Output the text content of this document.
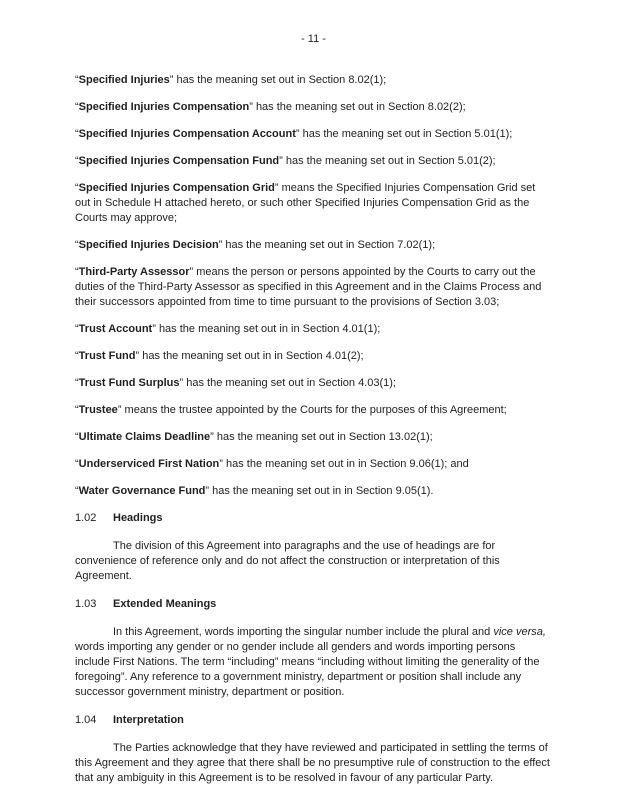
- 11 -

“Specified Injuries” has the meaning set out in Section 8.02(1);

“Specified Injuries Compensation” has the meaning set out in Section 8.02(2);

“Specified Injuries Compensation Account” has the meaning set out in Section 5.01(1);

“Specified Injuries Compensation Fund” has the meaning set out in Section 5.01(2);

“Specified Injuries Compensation Grid” means the Specified Injuries Compensation Grid set out in Schedule H attached hereto, or such other Specified Injuries Compensation Grid as the Courts may approve;

“Specified Injuries Decision” has the meaning set out in Section 7.02(1);

“Third-Party Assessor” means the person or persons appointed by the Courts to carry out the duties of the Third-Party Assessor as specified in this Agreement and in the Claims Process and their successors appointed from time to time pursuant to the provisions of Section 3.03;

“Trust Account” has the meaning set out in in Section 4.01(1);

“Trust Fund” has the meaning set out in in Section 4.01(2);

“Trust Fund Surplus” has the meaning set out in Section 4.03(1);

“Trustee” means the trustee appointed by the Courts for the purposes of this Agreement;

“Ultimate Claims Deadline” has the meaning set out in Section 13.02(1);

“Underserviced First Nation” has the meaning set out in in Section 9.06(1); and

“Water Governance Fund” has the meaning set out in in Section 9.05(1).

1.02	Headings

The division of this Agreement into paragraphs and the use of headings are for convenience of reference only and do not affect the construction or interpretation of this Agreement.

1.03	Extended Meanings

In this Agreement, words importing the singular number include the plural and vice versa, words importing any gender or no gender include all genders and words importing persons include First Nations. The term “including” means “including without limiting the generality of the foregoing”. Any reference to a government ministry, department or position shall include any successor government ministry, department or position.

1.04	Interpretation

The Parties acknowledge that they have reviewed and participated in settling the terms of this Agreement and they agree that there shall be no presumptive rule of construction to the effect that any ambiguity in this Agreement is to be resolved in favour of any particular Party.
